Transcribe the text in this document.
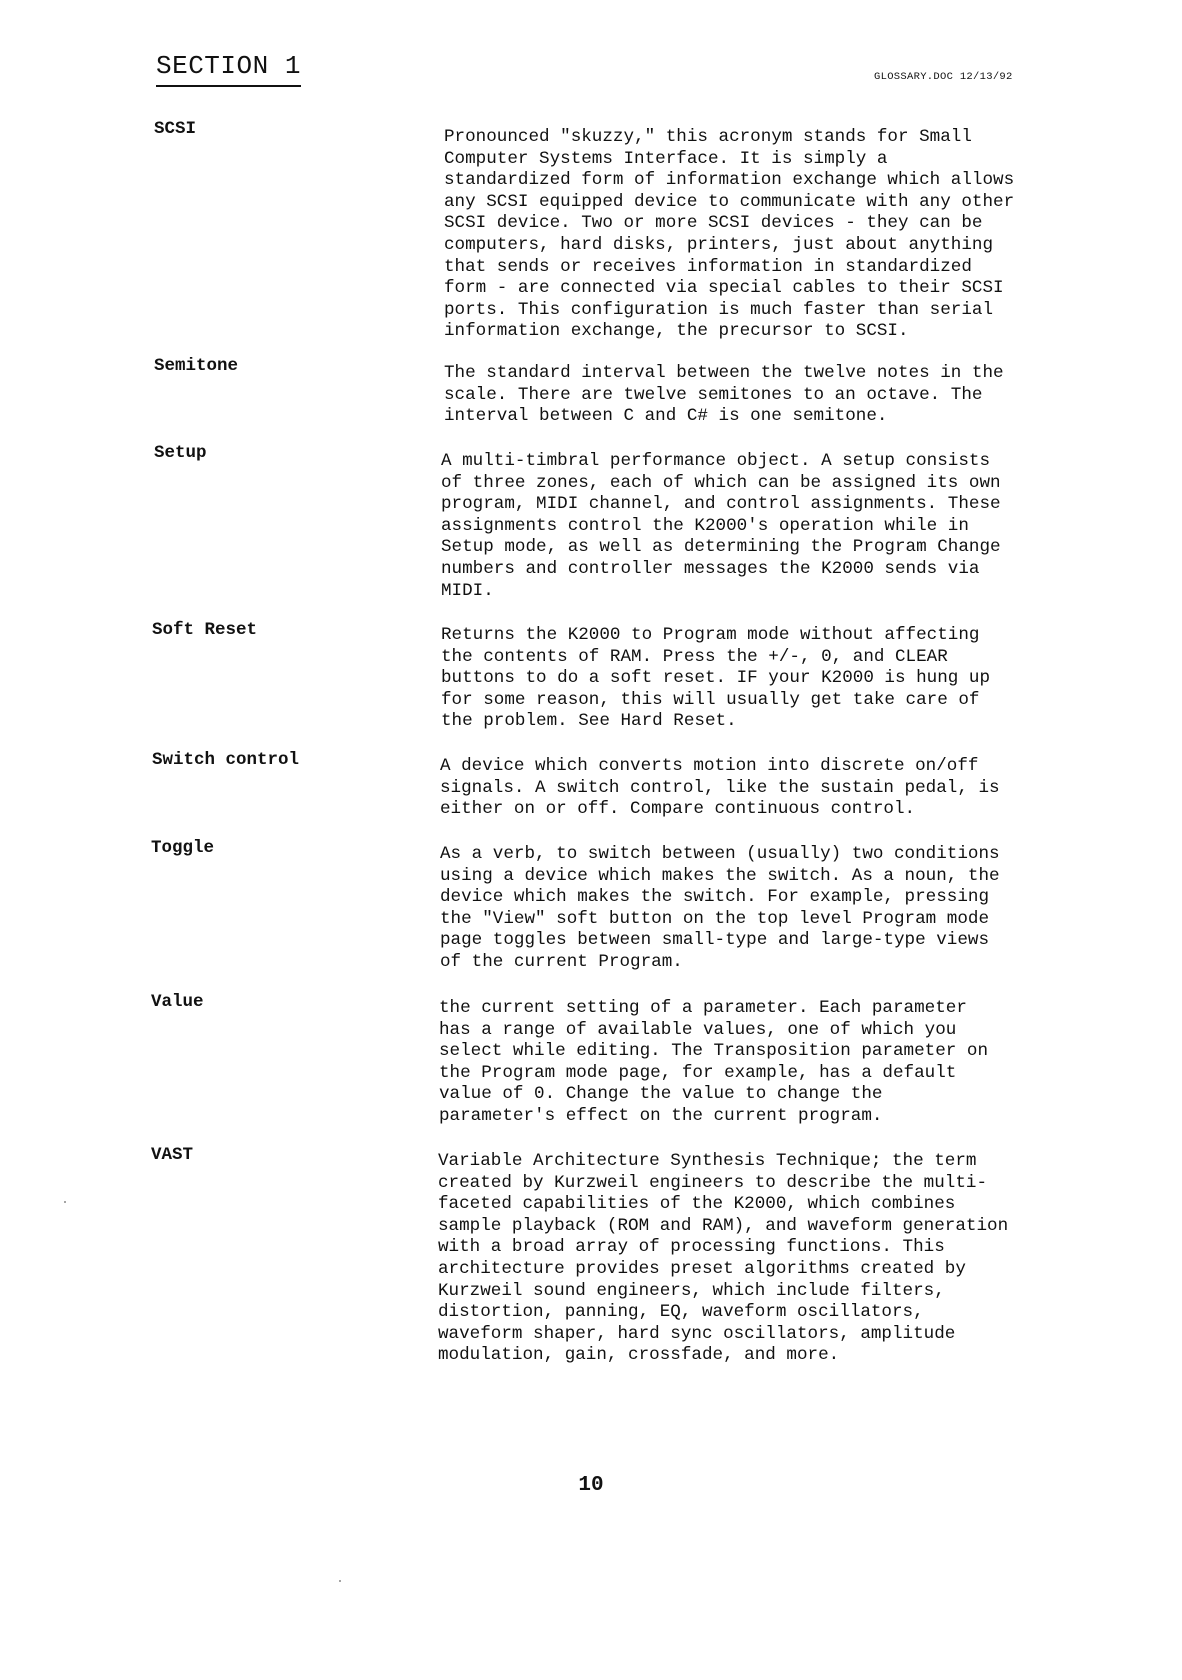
SECTION 1	GLOSSARY.DOC 12/13/92
SCSI	Pronounced "skuzzy," this acronym stands for Small
Computer Systems Interface. It is simply a
standardized form of information exchange which allows
any SCSI equipped device to communicate with any other
SCSI device. Two or more SCSI devices - they can be
computers, hard disks, printers, just about anything
that sends or receives information in standardized
form - are connected via special cables to their SCSI
ports. This configuration is much faster than serial
information exchange, the precursor to SCSI.
Semitone	The standard interval between the twelve notes in the
scale. There are twelve semitones to an octave. The
interval between C and C# is one semitone.
Setup	A multi-timbral performance object. A setup consists
of three zones, each of which can be assigned its own
program, MIDI channel, and control assignments. These
assignments control the K2000's operation while in
Setup mode, as well as determining the Program Change
numbers and controller messages the K2000 sends via
MIDI.
Soft Reset	Returns the K2000 to Program mode without affecting
the contents of RAM. Press the +/-, 0, and CLEAR
buttons to do a soft reset. IF your K2000 is hung up
for some reason, this will usually get take care of
the problem. See Hard Reset.
Switch control	A device which converts motion into discrete on/off
signals. A switch control, like the sustain pedal, is
either on or off. Compare continuous control.
Toggle	As a verb, to switch between (usually) two conditions
using a device which makes the switch. As a noun, the
device which makes the switch. For example, pressing
the "View" soft button on the top level Program mode
page toggles between small-type and large-type views
of the current Program.
Value	the current setting of a parameter. Each parameter
has a range of available values, one of which you
select while editing. The Transposition parameter on
the Program mode page, for example, has a default
value of 0. Change the value to change the
parameter's effect on the current program.
VAST	Variable Architecture Synthesis Technique; the term
created by Kurzweil engineers to describe the multi-
faceted capabilities of the K2000, which combines
sample playback (ROM and RAM), and waveform generation
with a broad array of processing functions. This
architecture provides preset algorithms created by
Kurzweil sound engineers, which include filters,
distortion, panning, EQ, waveform oscillators,
waveform shaper, hard sync oscillators, amplitude
modulation, gain, crossfade, and more.
10
